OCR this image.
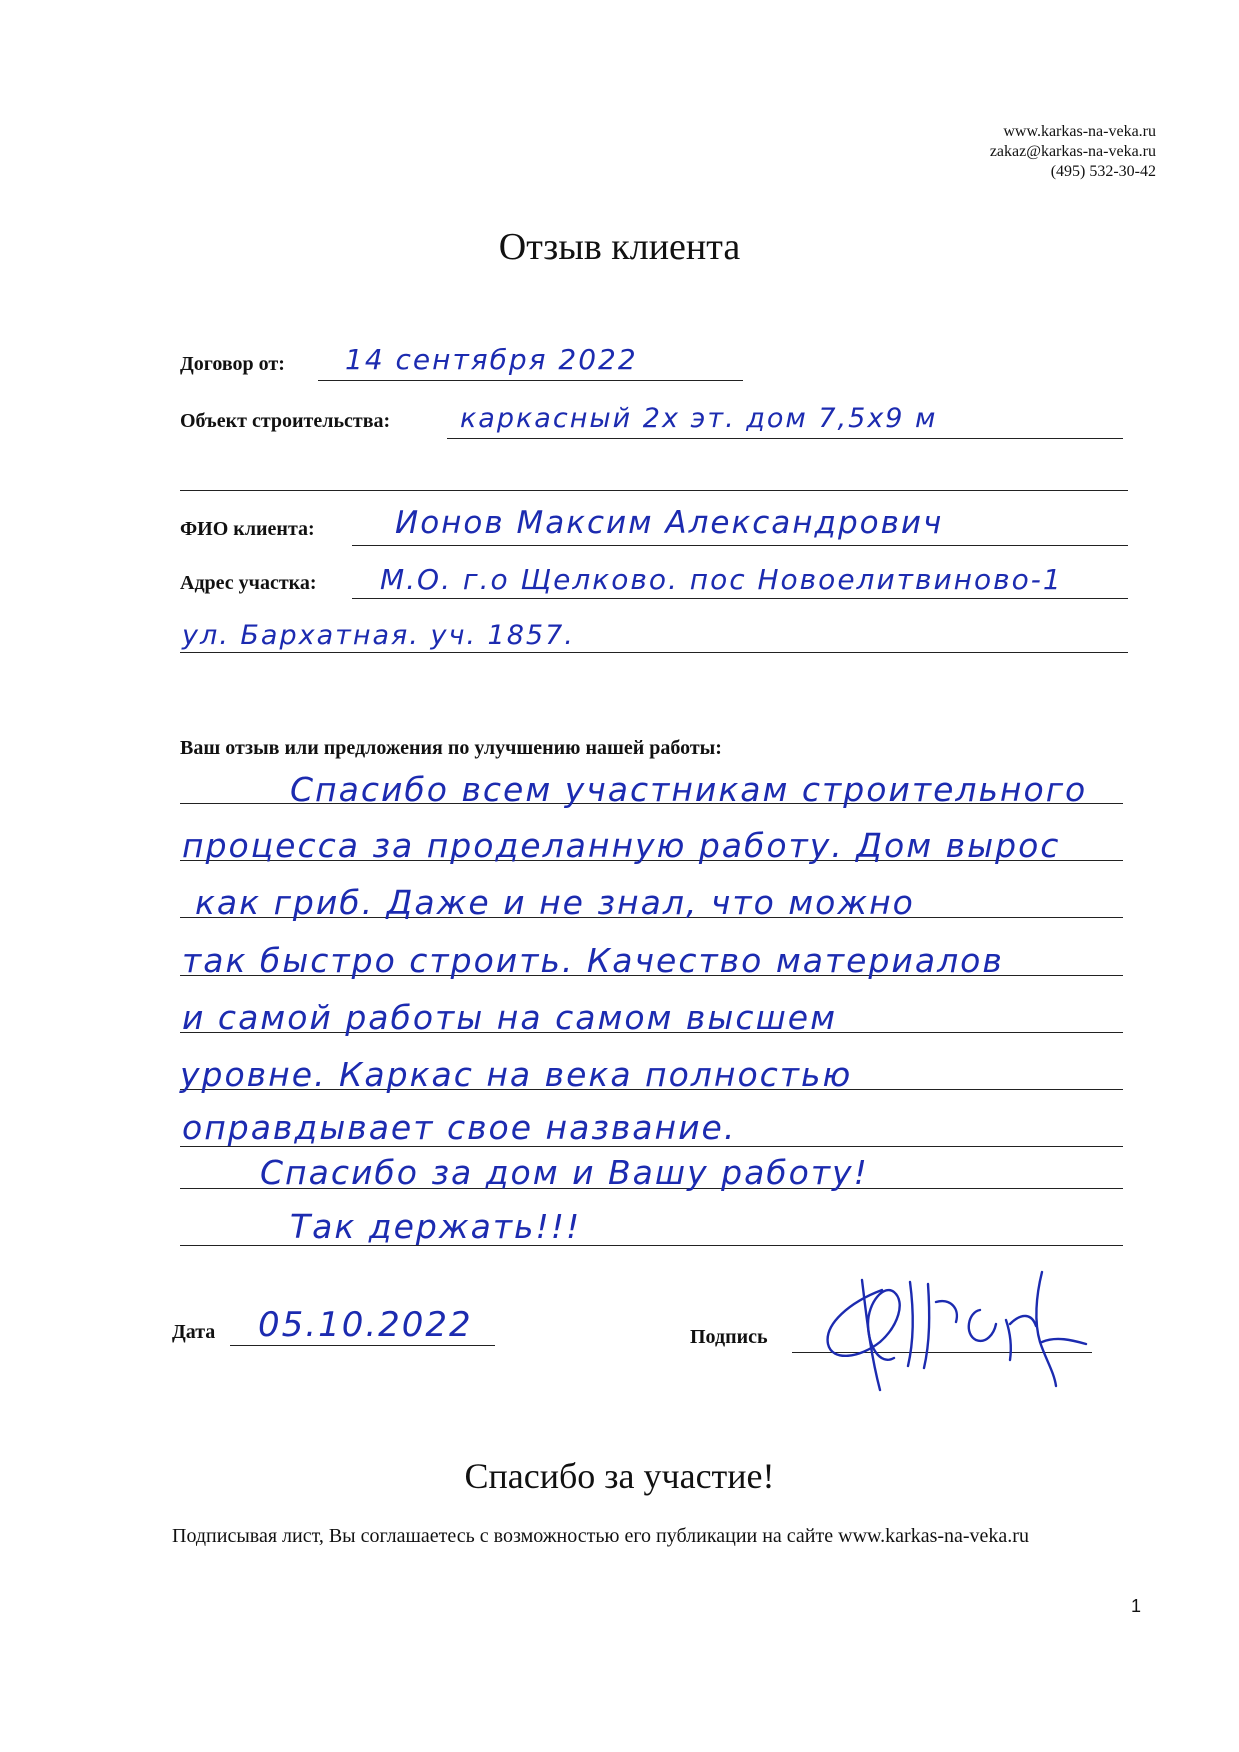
www.karkas-na-veka.ru
zakaz@karkas-na-veka.ru
(495) 532-30-42
Отзыв клиента
Договор от: 14 сентября 2022
Объект строительства:	каркасный 2х эт. дом 7,5х9 м
ФИО клиента:	Ионов Максим Александрович
Адрес участка: М.О. г.о Щелково. пос Новоелитвиново-1
ул. Бархатная. уч. 1857.
Ваш отзыв или предложения по улучшению нашей работы:
Спасибо всем участникам строительного
процесса за проделанную работу. Дом вырос
как гриб. Даже и не знал, что можно
так быстро строить. Качество материалов
и самой работы на самом высшем
уровне. Каркас на века полностью
оправдывает свое название.
Спасибо за дом и Вашу работу!
Так держать!!!
Дата 05.10.2022	Подпись
Спасибо за участие!
Подписывая лист, Вы соглашаетесь с возможностью его публикации на сайте www.karkas-na-veka.ru
1
